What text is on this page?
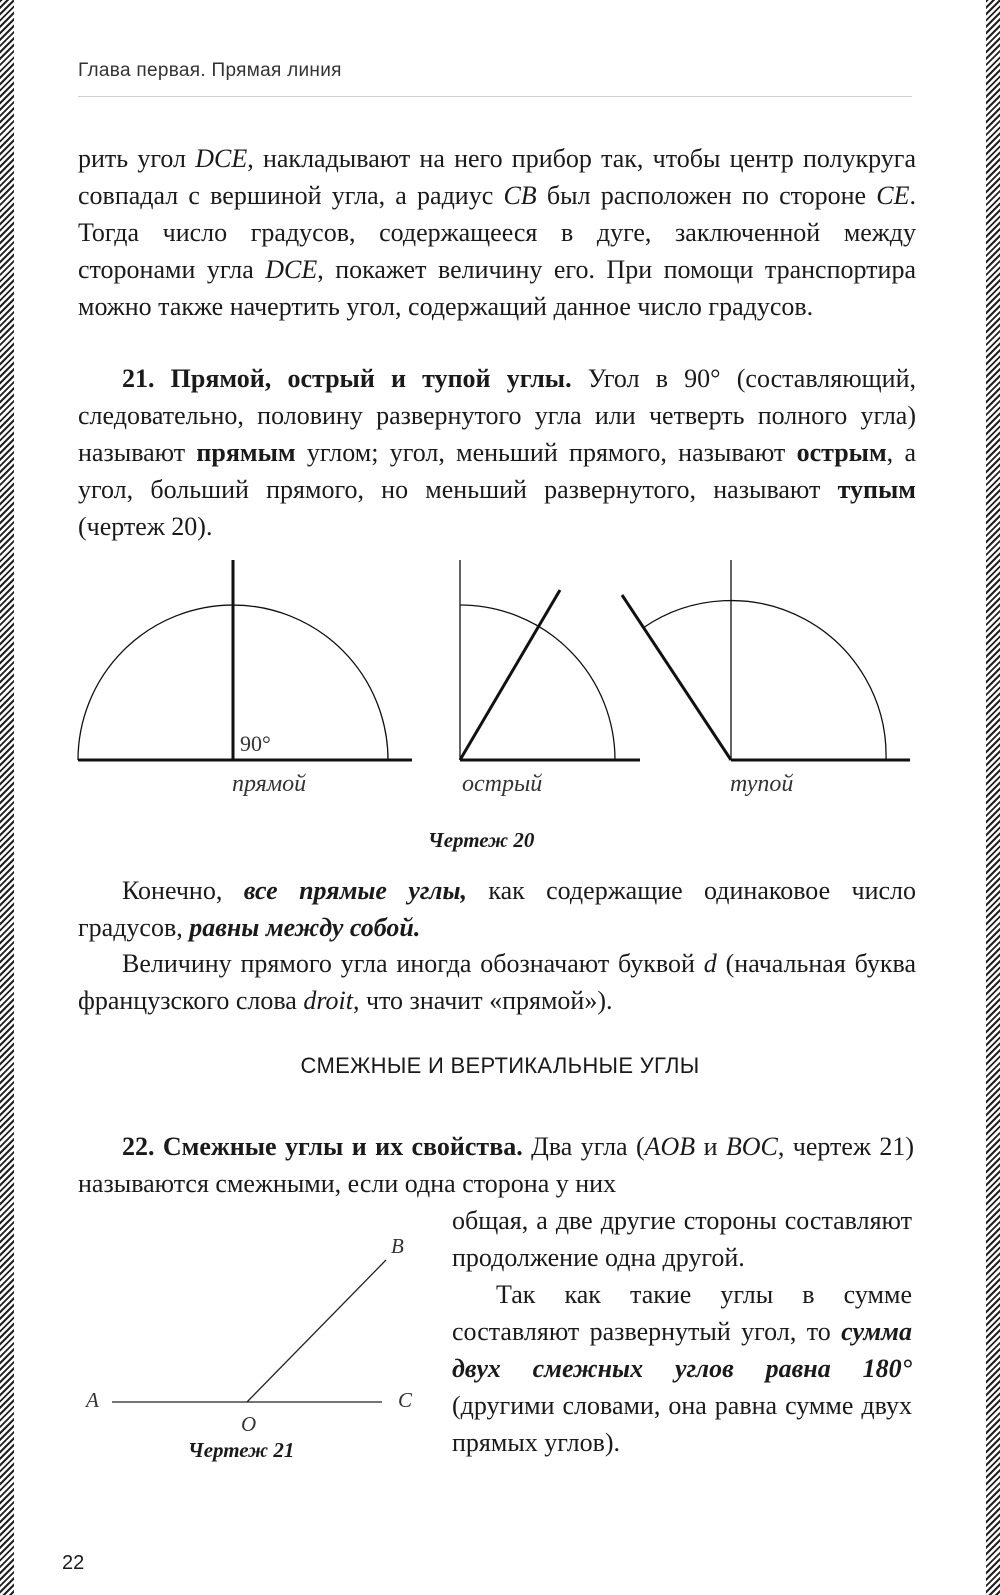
Глава первая. Прямая линия

рить угол DCE, накладывают на него прибор так, чтобы центр полукруга совпадал с вершиной угла, а радиус CB был расположен по стороне CE. Тогда число градусов, содержащееся в дуге, заключенной между сторонами угла DCE, покажет величину его. При помощи транспортира можно также начертить угол, содержащий данное число градусов.

21. Прямой, острый и тупой углы. Угол в 90° (составляющий, следовательно, половину развернутого угла или четверть полного угла) называют прямым углом; угол, меньший прямого, называют острым, а угол, больший прямого, но меньший развернутого, называют тупым (чертеж 20).

90°
прямой	острый	тупой
Чертеж 20

Конечно, все прямые углы, как содержащие одинаковое число градусов, равны между собой.

Величину прямого угла иногда обозначают буквой d (начальная буква французского слова droit, что значит «прямой»).

СМЕЖНЫЕ И ВЕРТИКАЛЬНЫЕ УГЛЫ

22. Смежные углы и их свойства. Два угла (AOB и BOC, чертеж 21) называются смежными, если одна сторона у них

общая, а две другие стороны составляют продолжение одна другой.

Так как такие углы в сумме составляют развернутый угол, то сумма двух смежных углов равна 180° (другими словами, она равна сумме двух прямых углов).

A
B
C
O
Чертеж 21
22
